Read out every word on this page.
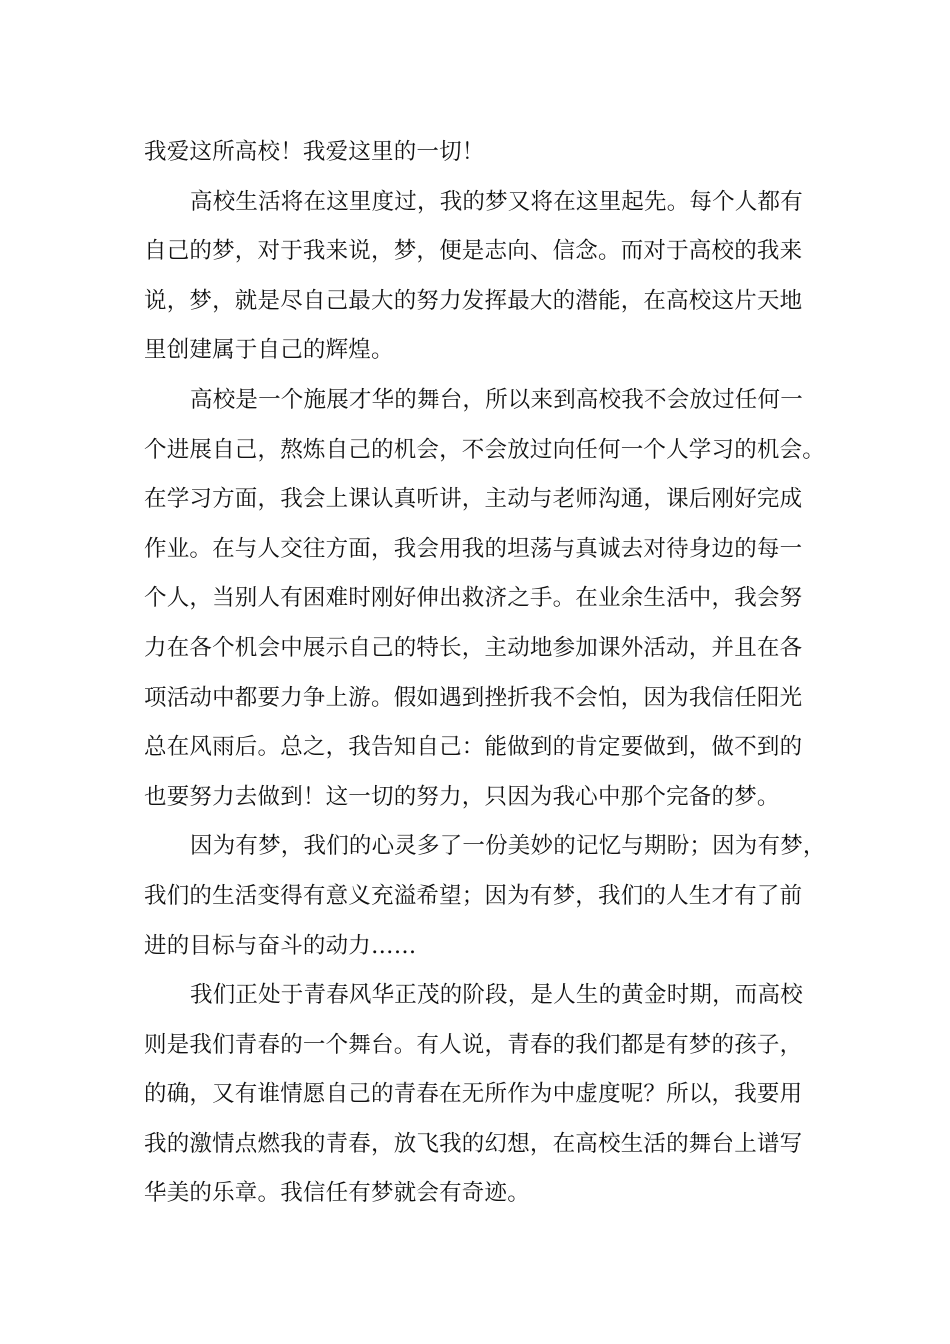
我爱这所高校！我爱这里的一切！
高校生活将在这里度过，我的梦又将在这里起先。每个人都有
自己的梦，对于我来说，梦，便是志向、信念。而对于高校的我来
说，梦，就是尽自己最大的努力发挥最大的潜能，在高校这片天地
里创建属于自己的辉煌。
高校是一个施展才华的舞台，所以来到高校我不会放过任何一
个进展自己，熬炼自己的机会，不会放过向任何一个人学习的机会。
在学习方面，我会上课认真听讲，主动与老师沟通，课后刚好完成
作业。在与人交往方面，我会用我的坦荡与真诚去对待身边的每一
个人，当别人有困难时刚好伸出救济之手。在业余生活中，我会努
力在各个机会中展示自己的特长，主动地参加课外活动，并且在各
项活动中都要力争上游。假如遇到挫折我不会怕，因为我信任阳光
总在风雨后。总之，我告知自己：能做到的肯定要做到，做不到的
也要努力去做到！这一切的努力，只因为我心中那个完备的梦。
因为有梦，我们的心灵多了一份美妙的记忆与期盼；因为有梦，
我们的生活变得有意义充溢希望；因为有梦，我们的人生才有了前
进的目标与奋斗的动力……
我们正处于青春风华正茂的阶段，是人生的黄金时期，而高校
则是我们青春的一个舞台。有人说，青春的我们都是有梦的孩子，
的确，又有谁情愿自己的青春在无所作为中虚度呢？所以，我要用
我的激情点燃我的青春，放飞我的幻想，在高校生活的舞台上谱写
华美的乐章。我信任有梦就会有奇迹。
